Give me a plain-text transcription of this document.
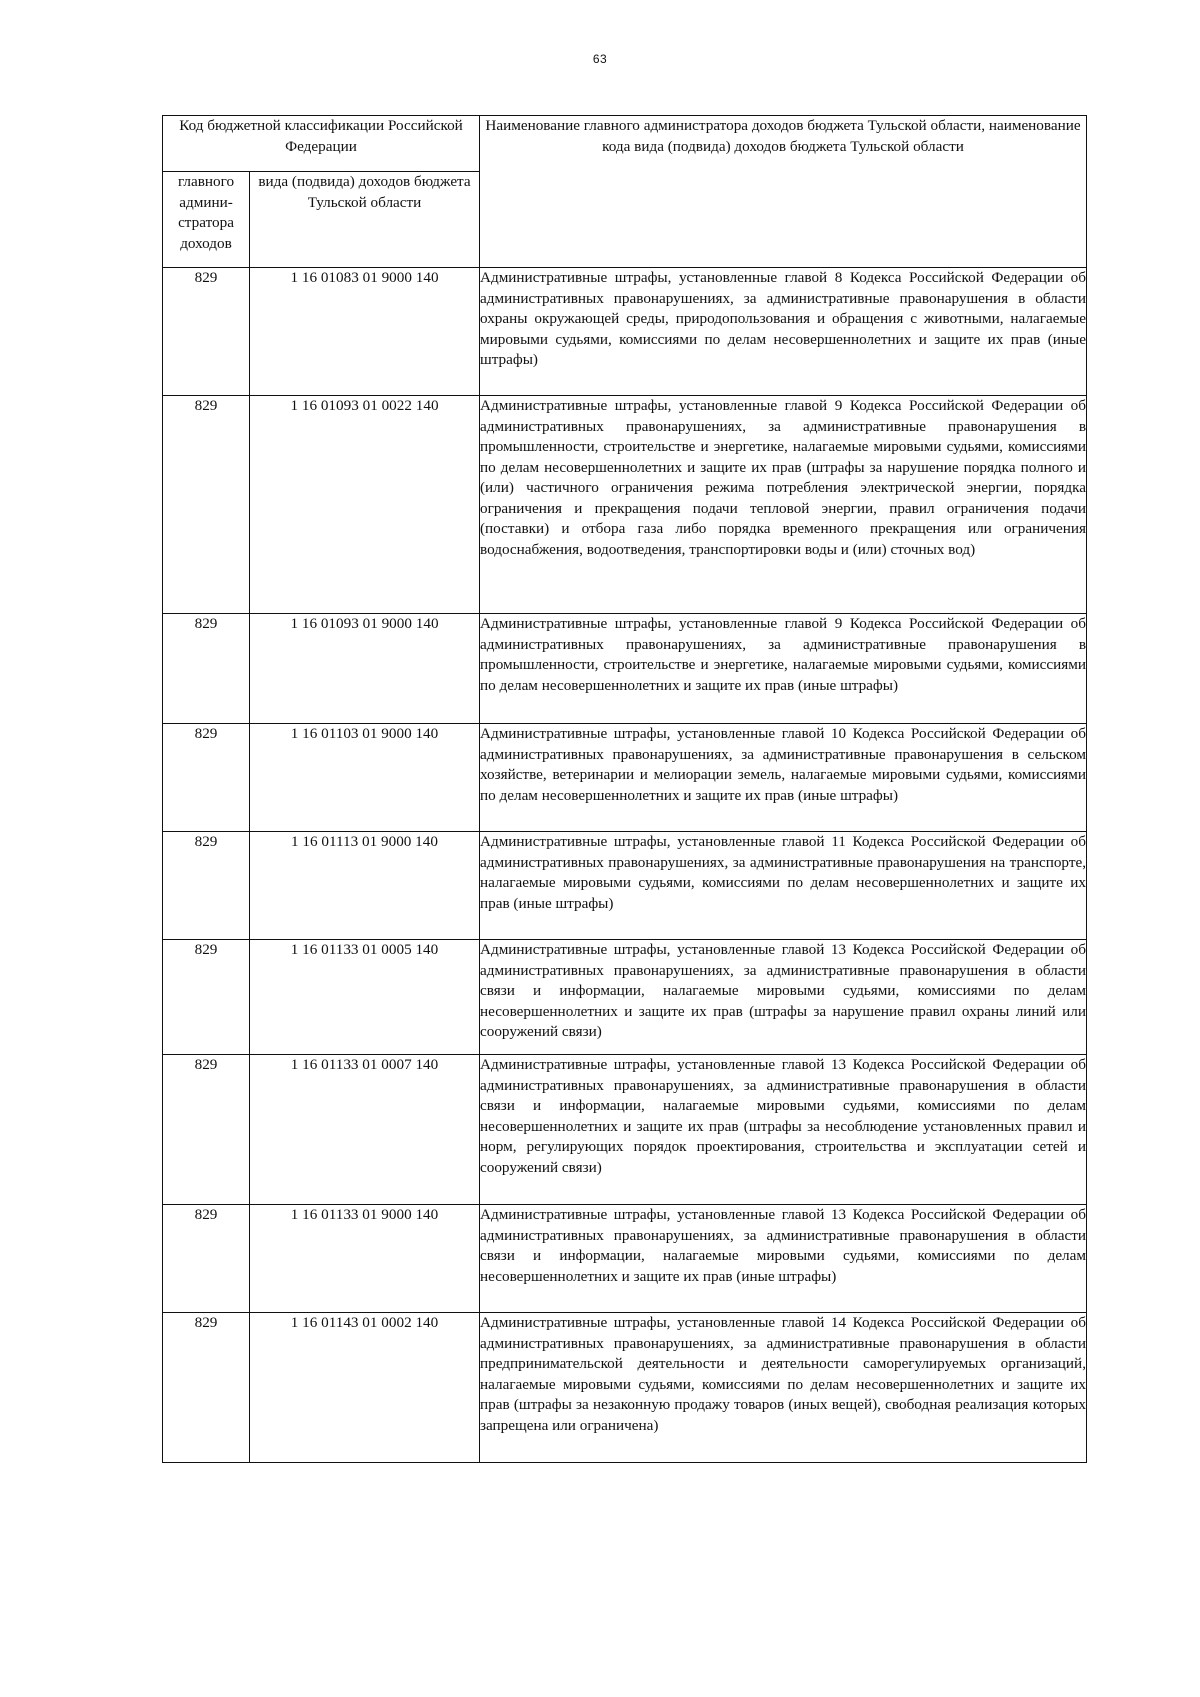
63
Код бюджетной классификации Российской Федерации		Наименование главного администратора доходов бюджета Тульской области, наименование кода вида (подвида) доходов бюджета Тульской области
главного админи-стратора доходов	вида (подвида) доходов бюджета Тульской области	
829	1 16 01083 01 9000 140	Административные штрафы, установленные главой 8 Кодекса Российской Федерации об административных правонарушениях, за административные правонарушения в области охраны окружающей среды, природопользования и обращения с животными, налагаемые мировыми судьями, комиссиями по делам несовершеннолетних и защите их прав (иные штрафы)
829	1 16 01093 01 0022 140	Административные штрафы, установленные главой 9 Кодекса Российской Федерации об административных правонарушениях, за административные правонарушения в промышленности, строительстве и энергетике, налагаемые мировыми судьями, комиссиями по делам несовершеннолетних и защите их прав (штрафы за нарушение порядка полного и (или) частичного ограничения режима потребления электрической энергии, порядка ограничения и прекращения подачи тепловой энергии, правил ограничения подачи (поставки) и отбора газа либо порядка временного прекращения или ограничения водоснабжения, водоотведения, транспортировки воды и (или) сточных вод)
829	1 16 01093 01 9000 140	Административные штрафы, установленные главой 9 Кодекса Российской Федерации об административных правонарушениях, за административные правонарушения в промышленности, строительстве и энергетике, налагаемые мировыми судьями, комиссиями по делам несовершеннолетних и защите их прав (иные штрафы)
829	1 16 01103 01 9000 140	Административные штрафы, установленные главой 10 Кодекса Российской Федерации об административных правонарушениях, за административные правонарушения в сельском хозяйстве, ветеринарии и мелиорации земель, налагаемые мировыми судьями, комиссиями по делам несовершеннолетних и защите их прав (иные штрафы)
829	1 16 01113 01 9000 140	Административные штрафы, установленные главой 11 Кодекса Российской Федерации об административных правонарушениях, за административные правонарушения на транспорте, налагаемые мировыми судьями, комиссиями по делам несовершеннолетних и защите их прав (иные штрафы)
829	1 16 01133 01 0005 140	Административные штрафы, установленные главой 13 Кодекса Российской Федерации об административных правонарушениях, за административные правонарушения в области связи и информации, налагаемые мировыми судьями, комиссиями по делам несовершеннолетних и защите их прав (штрафы за нарушение правил охраны линий или сооружений связи)
829	1 16 01133 01 0007 140	Административные штрафы, установленные главой 13 Кодекса Российской Федерации об административных правонарушениях, за административные правонарушения в области связи и информации, налагаемые мировыми судьями, комиссиями по делам несовершеннолетних и защите их прав (штрафы за несоблюдение установленных правил и норм, регулирующих порядок проектирования, строительства и эксплуатации сетей и сооружений связи)
829	1 16 01133 01 9000 140	Административные штрафы, установленные главой 13 Кодекса Российской Федерации об административных правонарушениях, за административные правонарушения в области связи и информации, налагаемые мировыми судьями, комиссиями по делам несовершеннолетних и защите их прав (иные штрафы)
829	1 16 01143 01 0002 140	Административные штрафы, установленные главой 14 Кодекса Российской Федерации об административных правонарушениях, за административные правонарушения в области предпринимательской деятельности и деятельности саморегулируемых организаций, налагаемые мировыми судьями, комиссиями по делам несовершеннолетних и защите их прав (штрафы за незаконную продажу товаров (иных вещей), свободная реализация которых запрещена или ограничена)
